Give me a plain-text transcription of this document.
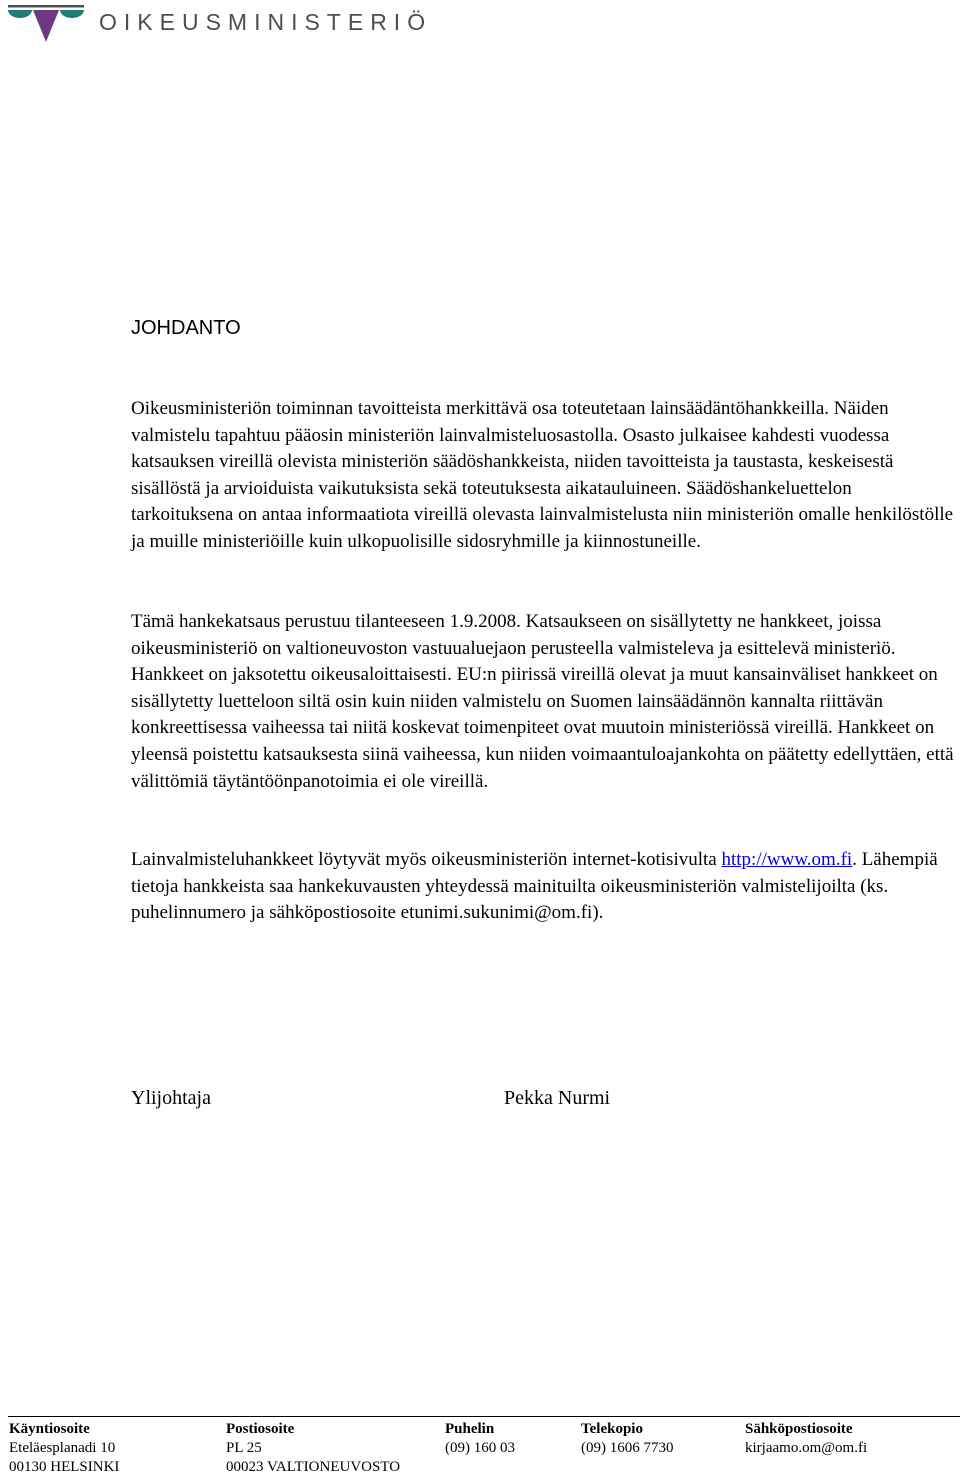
OIKEUSMINISTERIÖ
JOHDANTO

Oikeusministeriön toiminnan tavoitteista merkittävä osa toteutetaan lainsäädäntöhankkeilla. Näiden valmistelu tapahtuu pääosin ministeriön lainvalmisteluosastolla. Osasto julkaisee kahdesti vuodessa katsauksen vireillä olevista ministeriön säädöshankkeista, niiden tavoitteista ja taustasta, keskeisestä sisällöstä ja arvioiduista vaikutuksista sekä toteutuksesta aikatauluineen. Säädöshankeluettelon tarkoituksena on antaa informaatiota vireillä olevasta lainvalmistelusta niin ministeriön omalle henkilöstölle ja muille ministeriöille kuin ulkopuolisille sidosryhmille ja kiinnostuneille.

Tämä hankekatsaus perustuu tilanteeseen 1.9.2008. Katsaukseen on sisällytetty ne hankkeet, joissa oikeusministeriö on valtioneuvoston vastuualuejaon perusteella valmisteleva ja esittelevä ministeriö. Hankkeet on jaksotettu oikeusaloittaisesti. EU:n piirissä vireillä olevat ja muut kansainväliset hankkeet on sisällytetty luetteloon siltä osin kuin niiden valmistelu on Suomen lainsäädännön kannalta riittävän konkreettisessa vaiheessa tai niitä koskevat toimenpiteet ovat muutoin ministeriössä vireillä. Hankkeet on yleensä poistettu katsauksesta siinä vaiheessa, kun niiden voimaantuloajankohta on päätetty edellyttäen, että välittömiä täytäntöönpanotoimia ei ole vireillä.

Lainvalmisteluhankkeet löytyvät myös oikeusministeriön internet-kotisivulta http://www.om.fi. Lähempiä tietoja hankkeista saa hankekuvausten yhteydessä mainituilta oikeusministeriön valmistelijoilta (ks. puhelinnumero ja sähköpostiosoite etunimi.sukunimi@om.fi).

Ylijohtaja	Pekka Nurmi

Käyntiosoite
Eteläesplanadi 10
00130 HELSINKI
Postiosoite
PL 25
00023 VALTIONEUVOSTO
Puhelin
(09) 160 03
Telekopio
(09) 1606 7730
Sähköpostiosoite
kirjaamo.om@om.fi
